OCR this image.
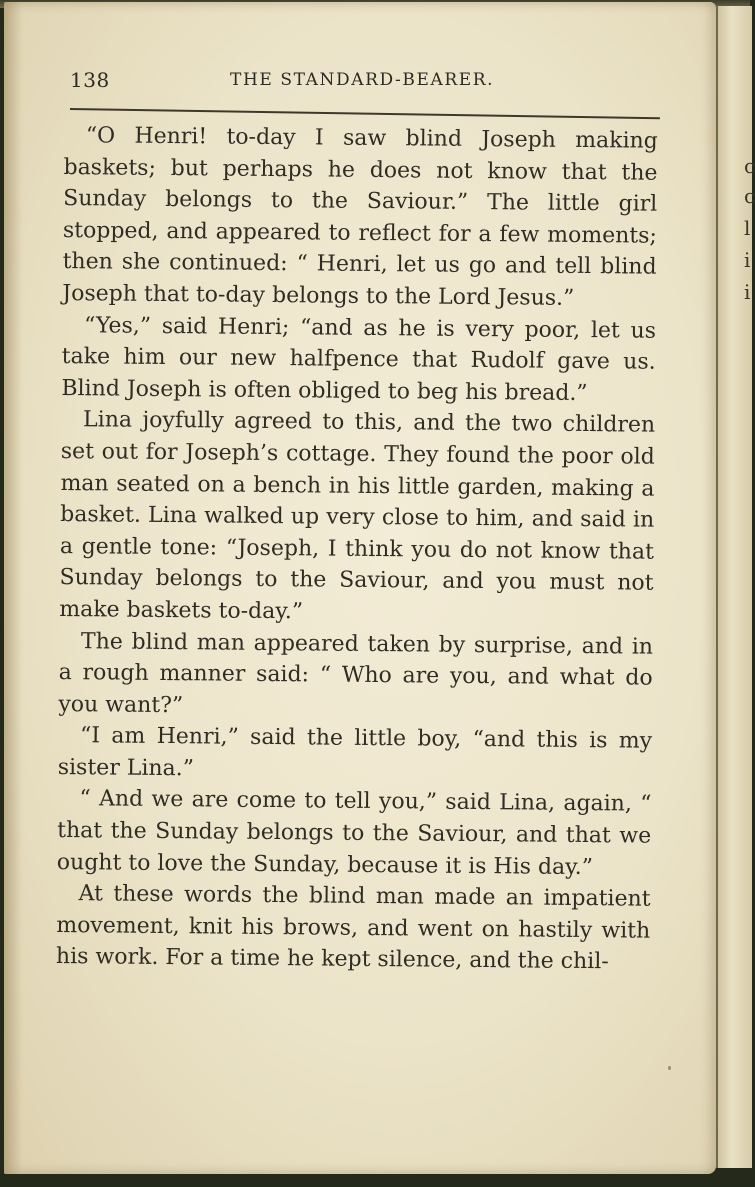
c
c
l
i
i
138	THE STANDARD-BEARER.

“O Henri! to-day I saw blind Joseph making baskets; but perhaps he does not know that the Sunday belongs to the Saviour.” The little girl stopped, and appeared to reflect for a few moments; then she continued: “ Henri, let us go and tell blind Joseph that to-day belongs to the Lord Jesus.”

“Yes,” said Henri; “and as he is very poor, let us take him our new halfpence that Rudolf gave us. Blind Joseph is often obliged to beg his bread.”

Lina joyfully agreed to this, and the two children set out for Joseph’s cottage. They found the poor old man seated on a bench in his little garden, making a basket. Lina walked up very close to him, and said in a gentle tone: “Joseph, I think you do not know that Sunday belongs to the Saviour, and you must not make baskets to-day.”

The blind man appeared taken by surprise, and in a rough manner said: “ Who are you, and what do you want?”

“I am Henri,” said the little boy, “and this is my sister Lina.”

“ And we are come to tell you,” said Lina, again, “ that the Sunday belongs to the Saviour, and that we ought to love the Sunday, because it is His day.”

At these words the blind man made an impatient movement, knit his brows, and went on hastily with his work. For a time he kept silence, and the chil-
